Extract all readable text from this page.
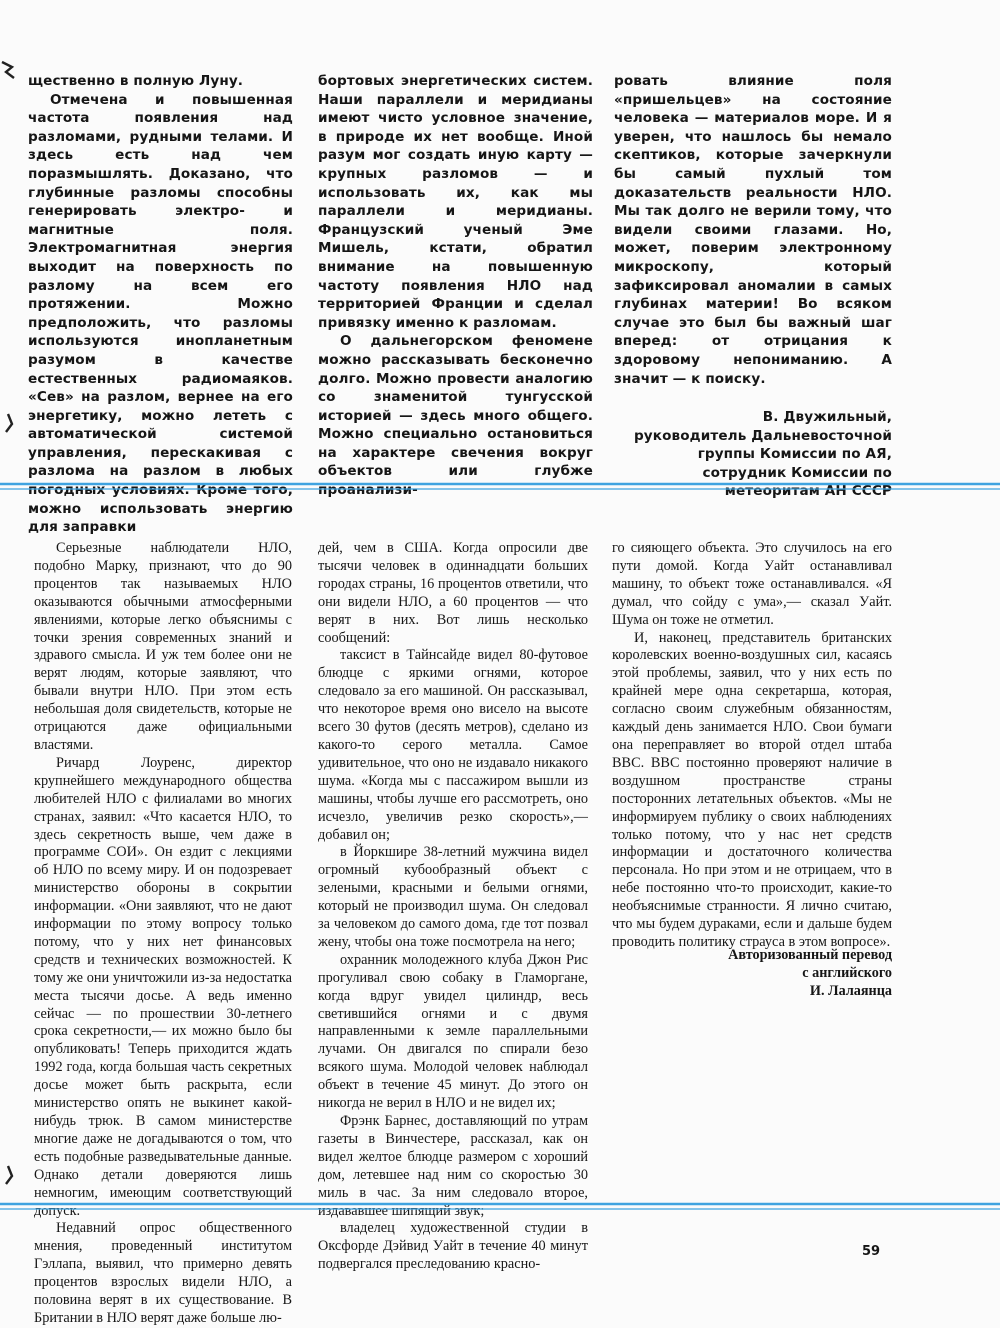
щественно в полную Луну.

Отмечена и повышенная частота появления над разломами, рудными телами. И здесь есть над чем поразмышлять. Доказано, что глубинные разломы способны генерировать электро- и магнитные поля. Электромагнитная энергия выходит на поверхность по разлому на всем его протяжении. Можно предположить, что разломы используются инопланетным разумом в качестве естественных радиомаяков. «Сев» на разлом, вернее на его энергетику, можно лететь с автоматической системой управления, перескакивая с разлома на разлом в любых погодных условиях. Кроме того, можно использовать энергию для заправки

бортовых энергетических систем. Наши параллели и меридианы имеют чисто условное значение, в природе их нет вообще. Иной разум мог создать иную карту — крупных разломов — и использовать их, как мы параллели и меридианы. Французский ученый Эме Мишель, кстати, обратил внимание на повышенную частоту появления НЛО над территорией Франции и сделал привязку именно к разломам.

О дальнегорском феномене можно рассказывать бесконечно долго. Можно провести аналогию со знаменитой тунгусской историей — здесь много общего. Можно специально остановиться на характере свечения вокруг объектов или глубже проанализи-

ровать влияние поля «пришельцев» на состояние человека — материалов море. И я уверен, что нашлось бы немало скептиков, которые зачеркнули бы самый пухлый том доказательств реальности НЛО. Мы так долго не верили тому, что видели своими глазами. Но, может, поверим электронному микроскопу, который зафиксировал аномалии в самых глубинах материи! Во всяком случае это был бы важный шаг вперед: от отрицания к здоровому непониманию. А значит — к поиску.

В. Двужильный,
руководитель Дальневосточной
группы Комиссии по АЯ,
сотрудник Комиссии по
метеоритам АН СССР

Серьезные наблюдатели НЛО, подобно Марку, признают, что до 90 процентов так называемых НЛО оказываются обычными атмосферными явлениями, которые легко объяснимы с точки зрения современных знаний и здравого смысла. И уж тем более они не верят людям, которые заявляют, что бывали внутри НЛО. При этом есть небольшая доля свидетельств, которые не отрицаются даже официальными властями.

Ричард Лоуренс, директор крупнейшего международного общества любителей НЛО с филиалами во многих странах, заявил: «Что касается НЛО, то здесь секретность выше, чем даже в программе СОИ». Он ездит с лекциями об НЛО по всему миру. И он подозревает министерство обороны в сокрытии информации. «Они заявляют, что не дают информации по этому вопросу только потому, что у них нет финансовых средств и технических возможностей. К тому же они уничтожили из-за недостатка места тысячи досье. А ведь именно сейчас — по прошествии 30-летнего срока секретности,— их можно было бы опубликовать! Теперь приходится ждать 1992 года, когда большая часть секретных досье может быть раскрыта, если министерство опять не выкинет какой-нибудь трюк. В самом министерстве многие даже не догадываются о том, что есть подобные разведывательные данные. Однако детали доверяются лишь немногим, имеющим соответствующий допуск.

Недавний опрос общественного мнения, проведенный институтом Гэллапа, выявил, что примерно девять процентов взрослых видели НЛО, а половина верят в их существование. В Британии в НЛО верят даже больше лю-

дей, чем в США. Когда опросили две тысячи человек в одиннадцати больших городах страны, 16 процентов ответили, что они видели НЛО, а 60 процентов — что верят в них. Вот лишь несколько сообщений:

таксист в Тайнсайде видел 80-футовое блюдце с яркими огнями, которое следовало за его машиной. Он рассказывал, что некоторое время оно висело на высоте всего 30 футов (десять метров), сделано из какого-то серого металла. Самое удивительное, что оно не издавало никакого шума. «Когда мы с пассажиром вышли из машины, чтобы лучше его рассмотреть, оно исчезло, увеличив резко скорость»,— добавил он;

в Йоркшире 38-летний мужчина видел огромный кубообразный объект с зелеными, красными и белыми огнями, который не производил шума. Он следовал за человеком до самого дома, где тот позвал жену, чтобы она тоже посмотрела на него;

охранник молодежного клуба Джон Рис прогуливал свою собаку в Гламоргане, когда вдруг увидел цилиндр, весь светившийся огнями и с двумя направленными к земле параллельными лучами. Он двигался по спирали безо всякого шума. Молодой человек наблюдал объект в течение 45 минут. До этого он никогда не верил в НЛО и не видел их;

Фрэнк Барнес, доставляющий по утрам газеты в Винчестере, рассказал, как он видел желтое блюдце размером с хороший дом, летевшее над ним со скоростью 30 миль в час. За ним следовало второе, издававшее шипящий звук;

владелец художественной студии в Оксфорде Дэйвид Уайт в течение 40 минут подвергался преследованию красно-

го сияющего объекта. Это случилось на его пути домой. Когда Уайт останавливал машину, то объект тоже останавливался. «Я думал, что сойду с ума»,— сказал Уайт. Шума он тоже не отметил.

И, наконец, представитель британских королевских военно-воздушных сил, касаясь этой проблемы, заявил, что у них есть по крайней мере одна секретарша, которая, согласно своим служебным обязанностям, каждый день занимается НЛО. Свои бумаги она переправляет во второй отдел штаба ВВС. ВВС постоянно проверяют наличие в воздушном пространстве страны посторонних летательных объектов. «Мы не информируем публику о своих наблюдениях только потому, что у нас нет средств информации и достаточного количества персонала. Но при этом и не отрицаем, что в небе постоянно что-то происходит, какие-то необъяснимые странности. Я лично считаю, что мы будем дураками, если и дальше будем проводить политику страуса в этом вопросе».

Авторизованный перевод
с английского
И. Лалаянца
59
